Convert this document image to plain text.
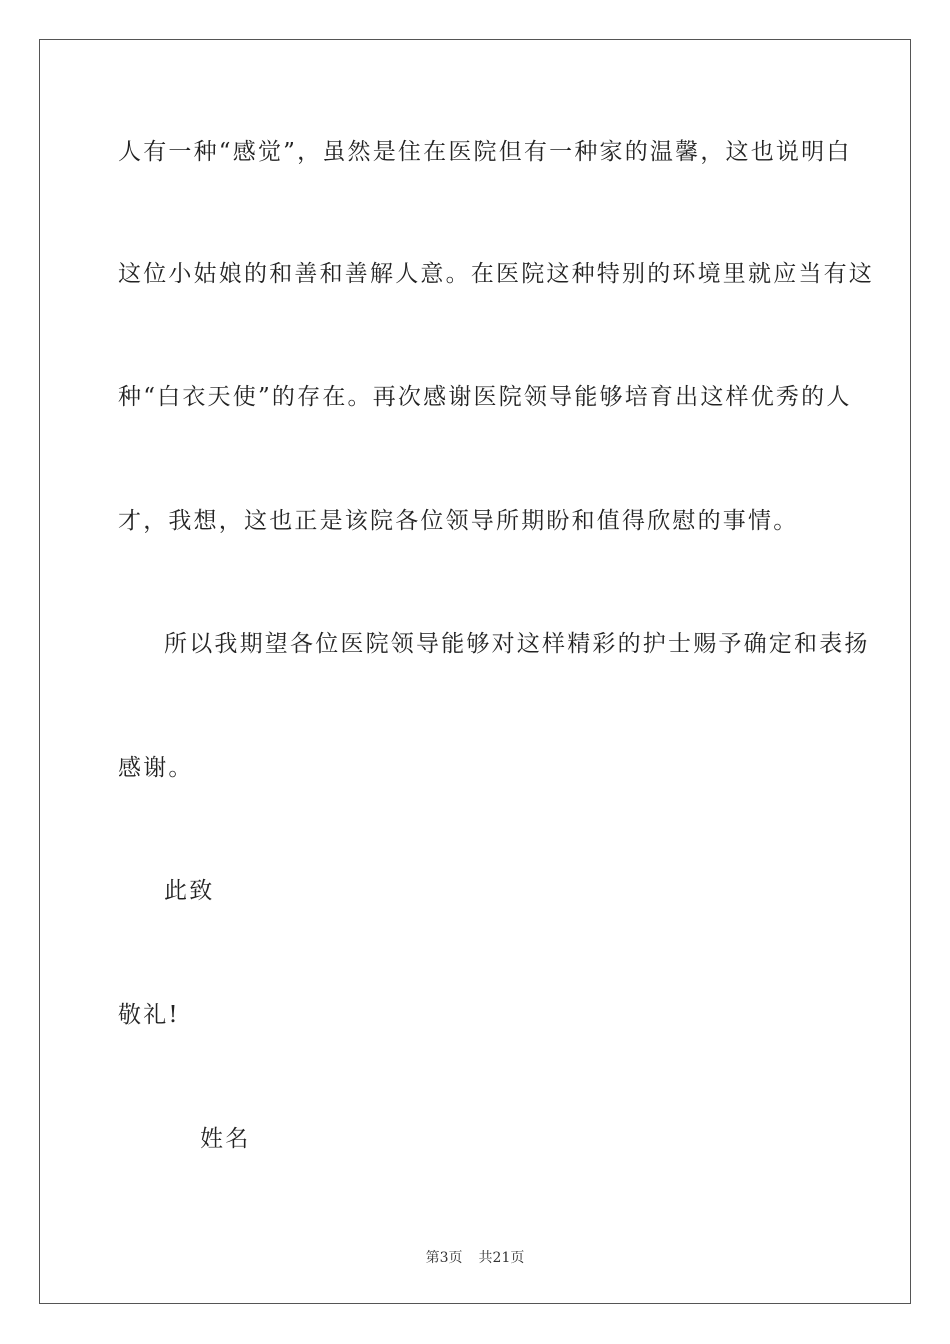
人有一种“感觉”，虽然是住在医院但有一种家的温馨，这也说明白
这位小姑娘的和善和善解人意。在医院这种特别的环境里就应当有这
种“白衣天使”的存在。再次感谢医院领导能够培育出这样优秀的人
才，我想，这也正是该院各位领导所期盼和值得欣慰的事情。
所以我期望各位医院领导能够对这样精彩的护士赐予确定和表扬
感谢。
此致
敬礼!
姓名
第3页 共21页
